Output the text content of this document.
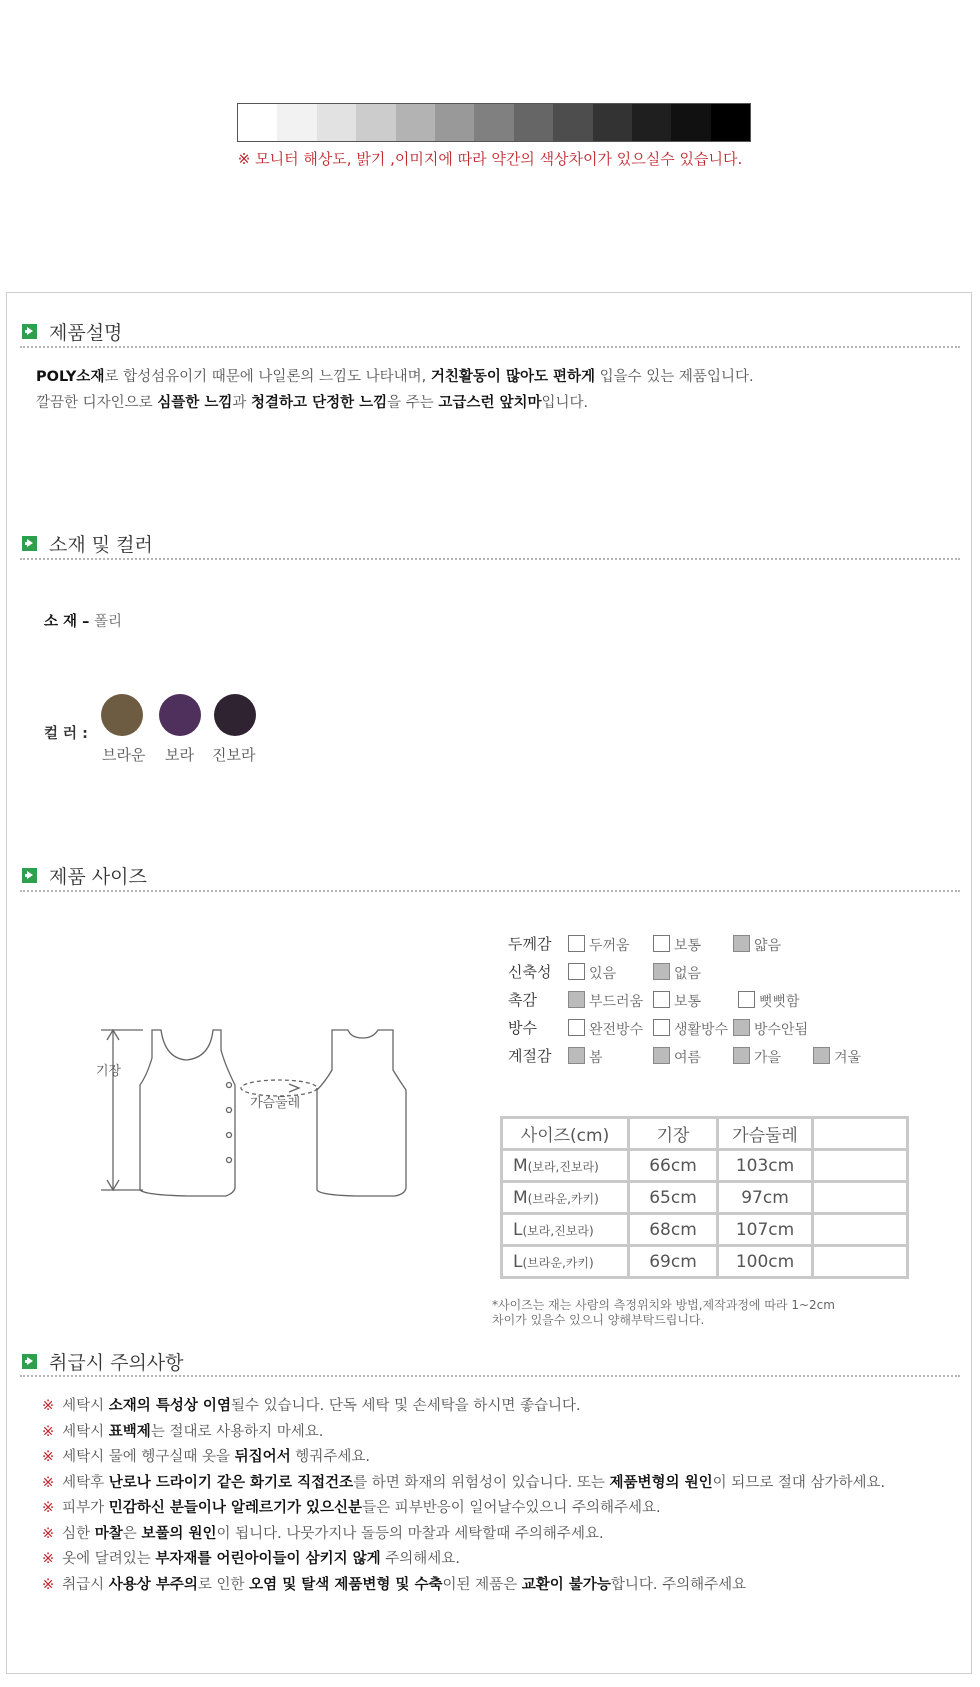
※ 모니터 해상도, 밝기 ,이미지에 따라 약간의 색상차이가 있으실수 있습니다.
제품설명
POLY소재로 합성섬유이기 때문에 나일론의 느낌도 나타내며, 거친활동이 많아도 편하게 입을수 있는 제품입니다.
깔끔한 디자인으로 심플한 느낌과 청결하고 단정한 느낌을 주는 고급스런 앞치마입니다.
소재 및 컬러
소 재 – 폴리
컬 러 :
브라운 보라 진보라
제품 사이즈
기장
가슴둘레
두께감	두꺼움	보통	얇음
신축성	있음	없음
촉감	부드러움 보통	뻣뻣함
방수	완전방수 생활방수 방수안됨
계절감	봄	여름	가을	겨울
사이즈(cm)	기장	가슴둘레	
M(보라,진보라)	66cm	103cm	
M(브라운,카키)	65cm	97cm	
L(보라,진보라)	68cm	107cm	
L(브라운,카키)	69cm	100cm	
*사이즈는 재는 사람의 측정위치와 방법,제작과정에 따라 1~2cm
차이가 있을수 있으니 양해부탁드립니다.
취급시 주의사항
※ 세탁시 소재의 특성상 이염될수 있습니다. 단독 세탁 및 손세탁을 하시면 좋습니다.
※ 세탁시 표백제는 절대로 사용하지 마세요.
※ 세탁시 물에 헹구실때 옷을 뒤집어서 헹궈주세요.
※ 세탁후 난로나 드라이기 같은 화기로 직접건조를 하면 화재의 위험성이 있습니다. 또는 제품변형의 원인이 되므로 절대 삼가하세요.
※ 피부가 민감하신 분들이나 알레르기가 있으신분들은 피부반응이 일어날수있으니 주의해주세요.
※ 심한 마찰은 보풀의 원인이 됩니다. 나뭇가지나 돌등의 마찰과 세탁할때 주의해주세요.
※ 옷에 달려있는 부자재를 어린아이들이 삼키지 않게 주의해세요.
※ 취급시 사용상 부주의로 인한 오염 및 탈색 제품변형 및 수축이된 제품은 교환이 불가능합니다. 주의해주세요
